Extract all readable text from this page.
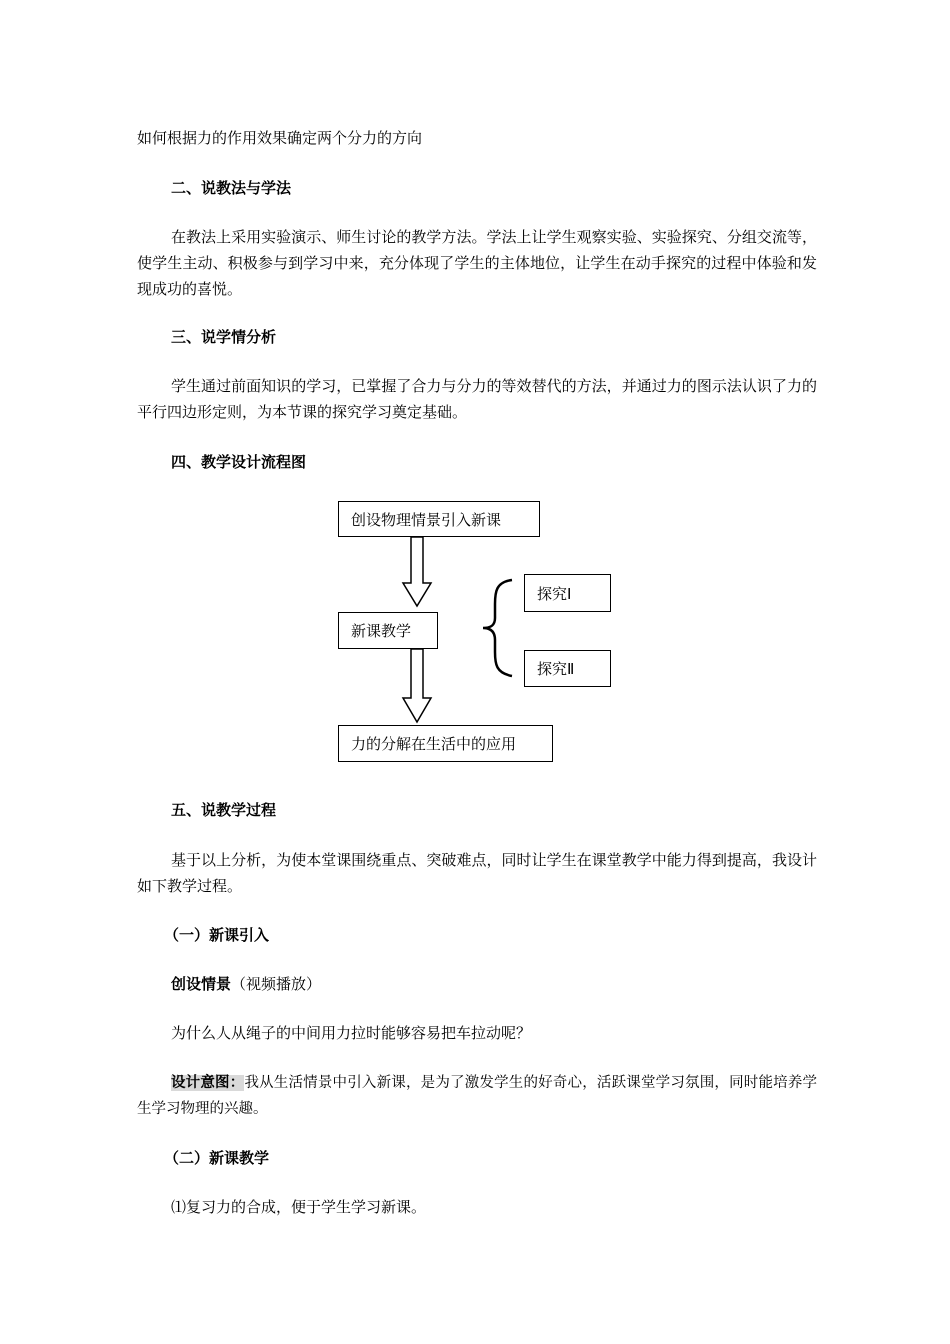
如何根据力的作用效果确定两个分力的方向
二、说教法与学法
在教法上采用实验演示、师生讨论的教学方法。学法上让学生观察实验、实验探究、分组交流等，使学生主动、积极参与到学习中来，充分体现了学生的主体地位，让学生在动手探究的过程中体验和发现成功的喜悦。
三、说学情分析
学生通过前面知识的学习，已掌握了合力与分力的等效替代的方法，并通过力的图示法认识了力的平行四边形定则，为本节课的探究学习奠定基础。
四、教学设计流程图
创设物理情景引入新课
新课教学
力的分解在生活中的应用
探究Ⅰ
探究Ⅱ
五、说教学过程
基于以上分析，为使本堂课围绕重点、突破难点，同时让学生在课堂教学中能力得到提高，我设计如下教学过程。
（一）新课引入
创设情景（视频播放）
为什么人从绳子的中间用力拉时能够容易把车拉动呢？
设计意图：我从生活情景中引入新课，是为了激发学生的好奇心，活跃课堂学习氛围，同时能培养学生学习物理的兴趣。
（二）新课教学
⑴复习力的合成，便于学生学习新课。
